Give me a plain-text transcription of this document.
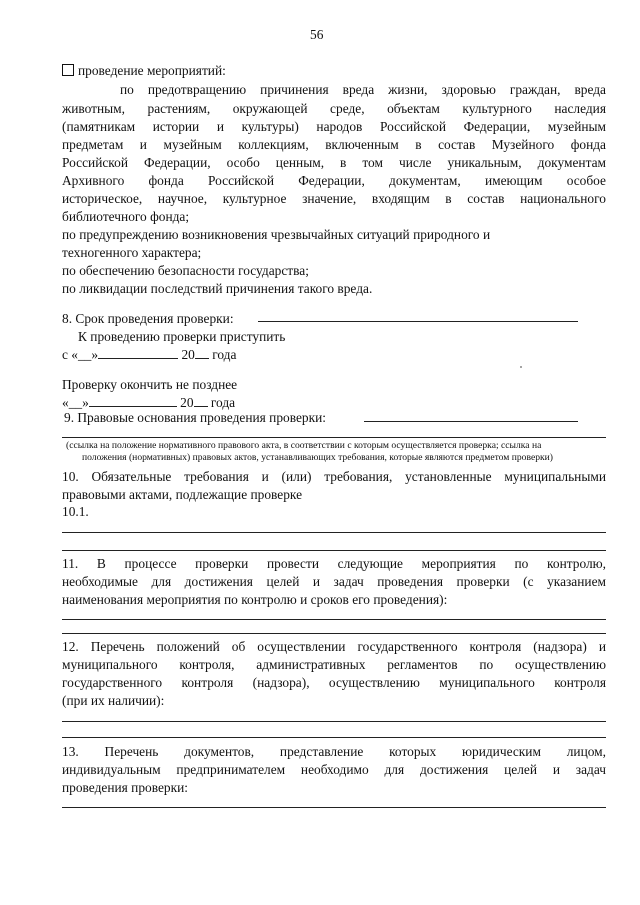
56
проведение мероприятий:
по предотвращению причинения вреда жизни, здоровью граждан, вреда
животным, растениям, окружающей среде, объектам культурного наследия
(памятникам истории и культуры) народов Российской Федерации, музейным
предметам и музейным коллекциям, включенным в состав Музейного фонда
Российской Федерации, особо ценным, в том числе уникальным, документам
Архивного фонда Российской Федерации, документам, имеющим особое
историческое, научное, культурное значение, входящим в состав национального
библиотечного фонда;
по предупреждению возникновения чрезвычайных ситуаций природного и
техногенного характера;
по обеспечению безопасности государства;
по ликвидации последствий причинения такого вреда.
8. Срок проведения проверки:
К проведению проверки приступить
с «__»	20 года
Проверку окончить не позднее
«__»	20 года
9. Правовые основания проведения проверки:
(ссылка на положение нормативного правового акта, в соответствии с которым осуществляется проверка; ссылка на
положения (нормативных) правовых актов, устанавливающих требования, которые являются предметом проверки)
10. Обязательные требования и (или) требования, установленные муниципальными
правовыми актами, подлежащие проверке
10.1.
11. В процессе проверки провести следующие мероприятия по контролю,
необходимые для достижения целей и задач проведения проверки (с указанием
наименования мероприятия по контролю и сроков его проведения):
12. Перечень положений об осуществлении государственного контроля (надзора) и
муниципального контроля, административных регламентов по осуществлению
государственного контроля (надзора), осуществлению муниципального контроля
(при их наличии):
13. Перечень документов, представление которых юридическим лицом,
индивидуальным предпринимателем необходимо для достижения целей и задач
проведения проверки:
